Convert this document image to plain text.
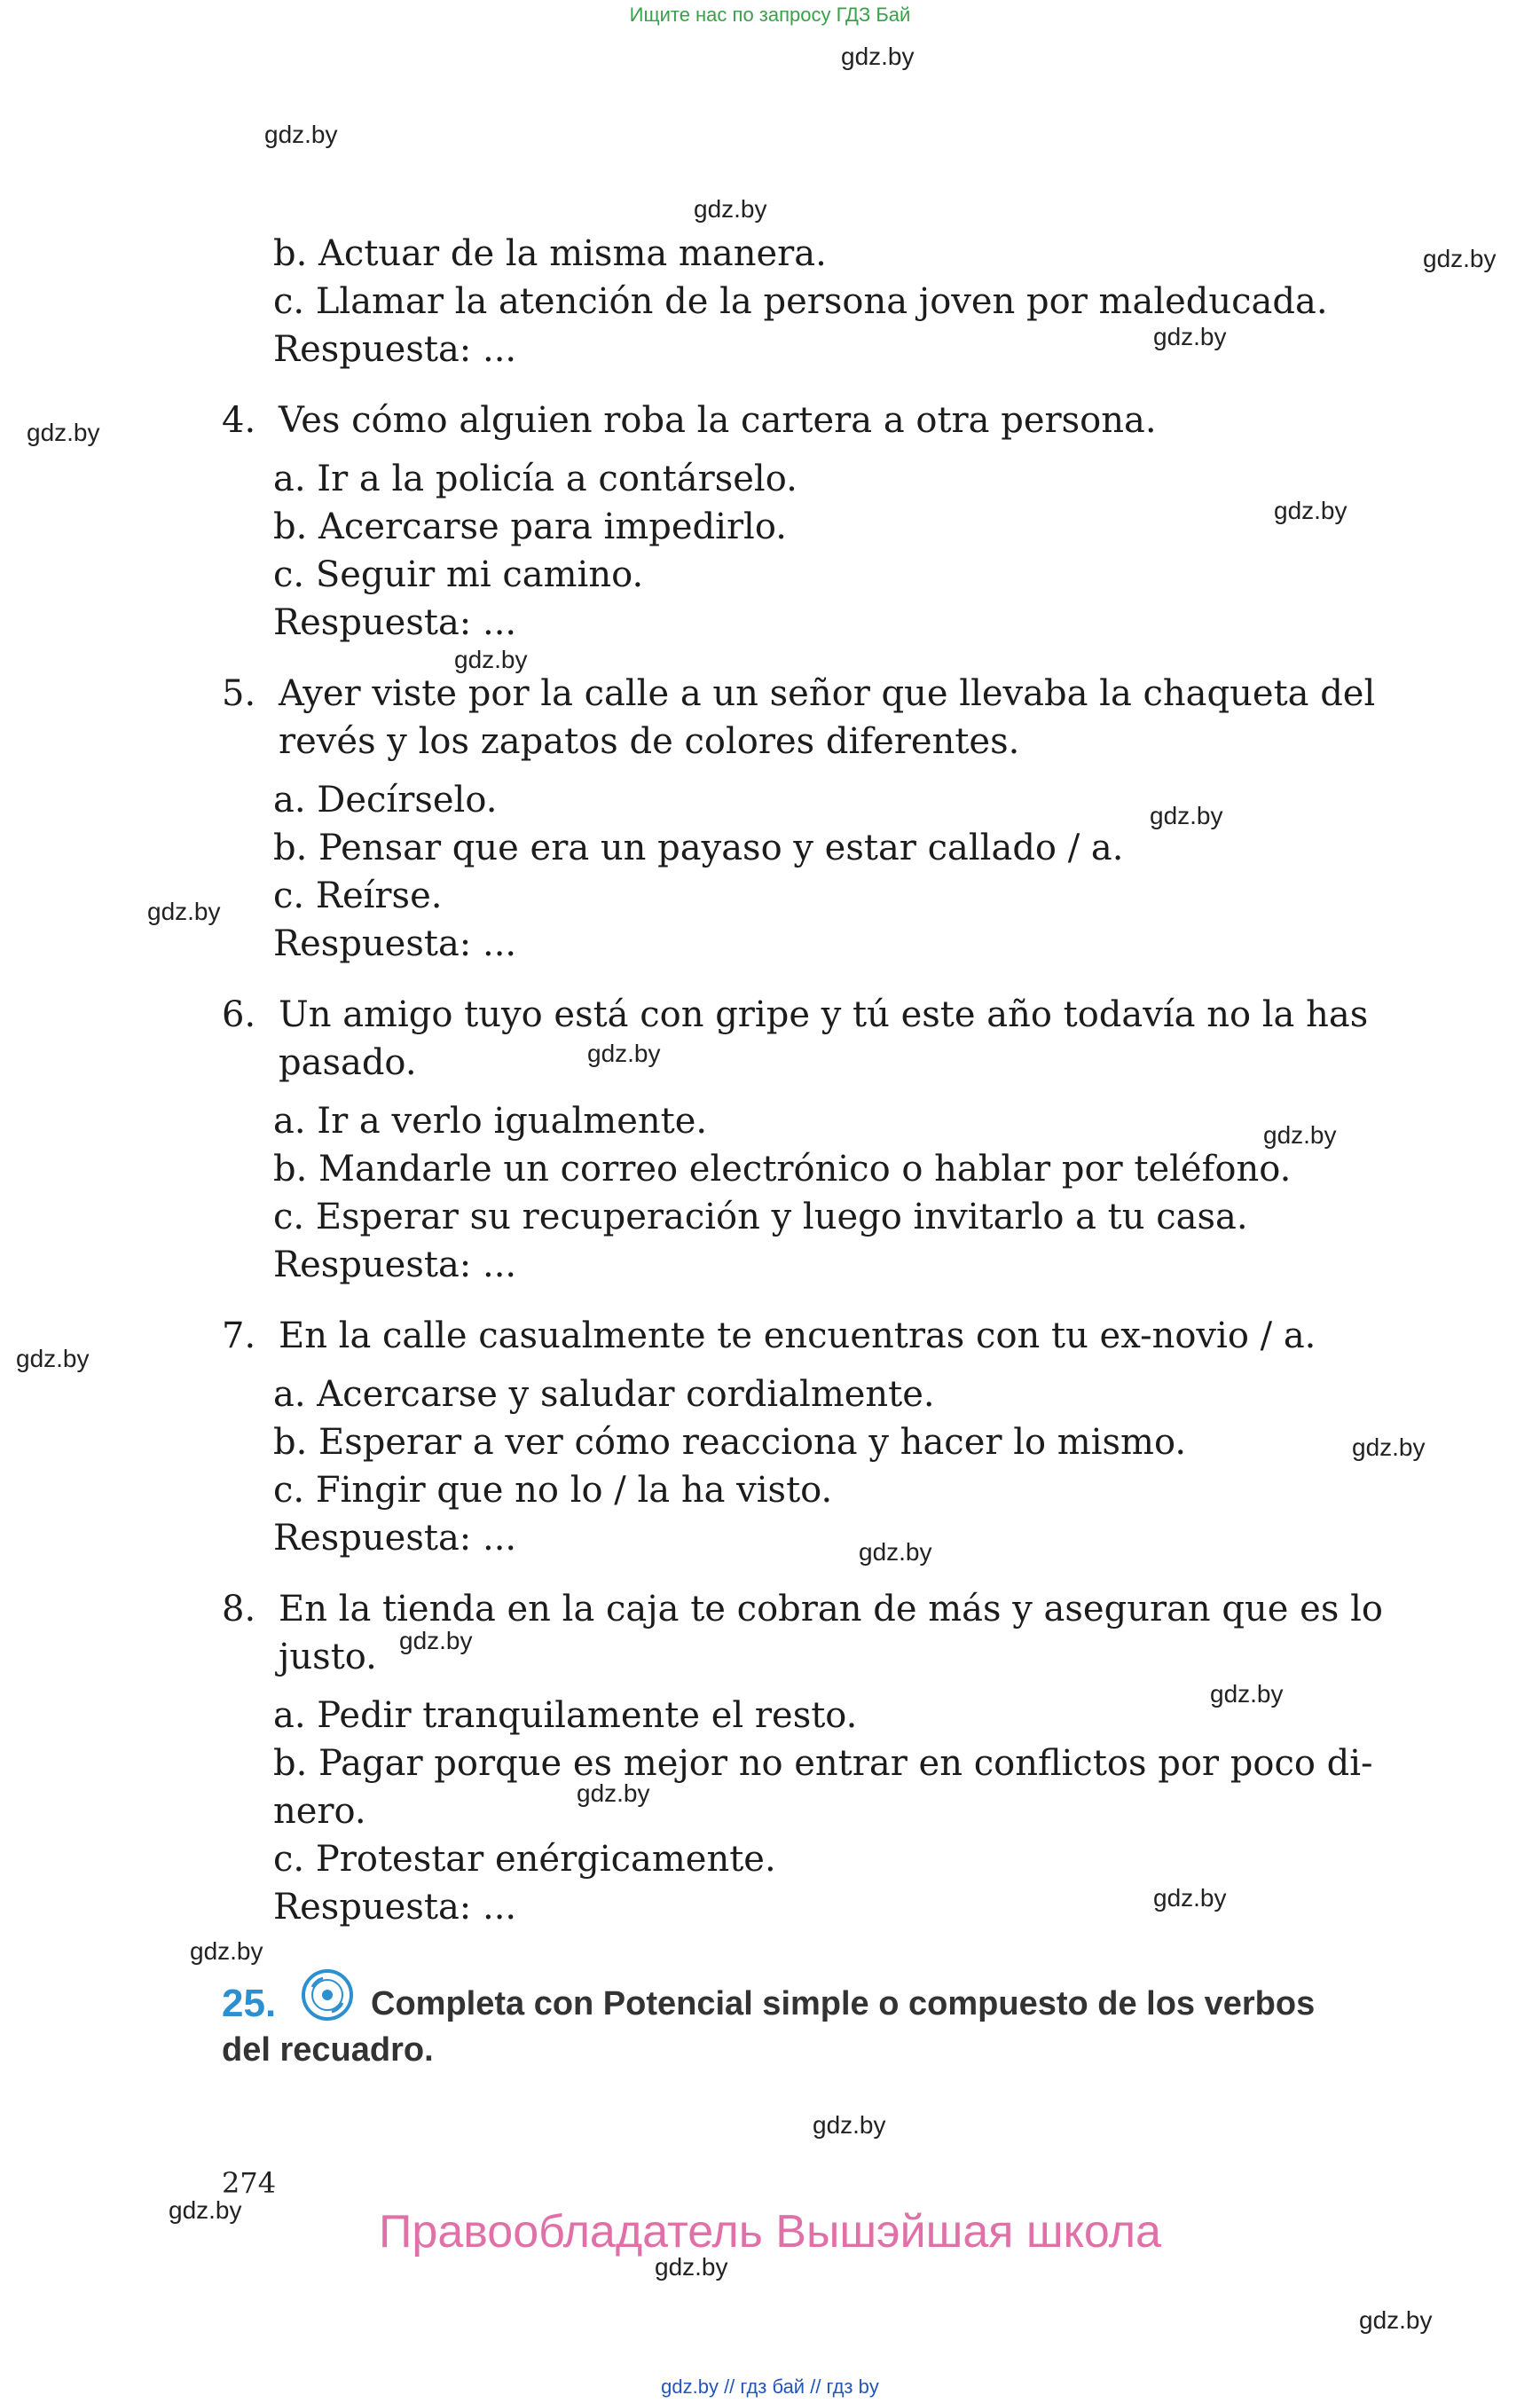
Ищите нас по запросу ГДЗ Бай
gdz.by
gdz.by
gdz.by
gdz.by
gdz.by
gdz.by
gdz.by
gdz.by
gdz.by
gdz.by
gdz.by
gdz.by
gdz.by
gdz.by
gdz.by
gdz.by
gdz.by
gdz.by
gdz.by
gdz.by
gdz.by
gdz.by
gdz.by
gdz.by
b. Actuar de la misma manera.
c. Llamar la atención de la persona joven por maleducada.
Respuesta: ...
4. Ves cómo alguien roba la cartera a otra persona.
a. Ir a la policía a contárselo.
b. Acercarse para impedirlo.
c. Seguir mi camino.
Respuesta: ...
5. Ayer viste por la calle a un señor que llevaba la chaqueta del
revés y los zapatos de colores diferentes.
a. Decírselo.
b. Pensar que era un payaso y estar callado / a.
c. Reírse.
Respuesta: ...
6. Un amigo tuyo está con gripe y tú este año todavía no la has
pasado.
a. Ir a verlo igualmente.
b. Mandarle un correo electrónico o hablar por teléfono.
c. Esperar su recuperación y luego invitarlo a tu casa.
Respuesta: ...
7. En la calle casualmente te encuentras con tu ex-novio / a.
a. Acercarse y saludar cordialmente.
b. Esperar a ver cómo reacciona y hacer lo mismo.
c. Fingir que no lo / la ha visto.
Respuesta: ...
8. En la tienda en la caja te cobran de más y aseguran que es lo
justo.
a. Pedir tranquilamente el resto.
b. Pagar porque es mejor no entrar en conflictos por poco di-
nero.
c. Protestar enérgicamente.
Respuesta: ...
25.	Completa con Potencial simple o compuesto de los verbos
del recuadro.
274
Правообладатель Вышэйшая школа
gdz.by // гдз бай // гдз by
